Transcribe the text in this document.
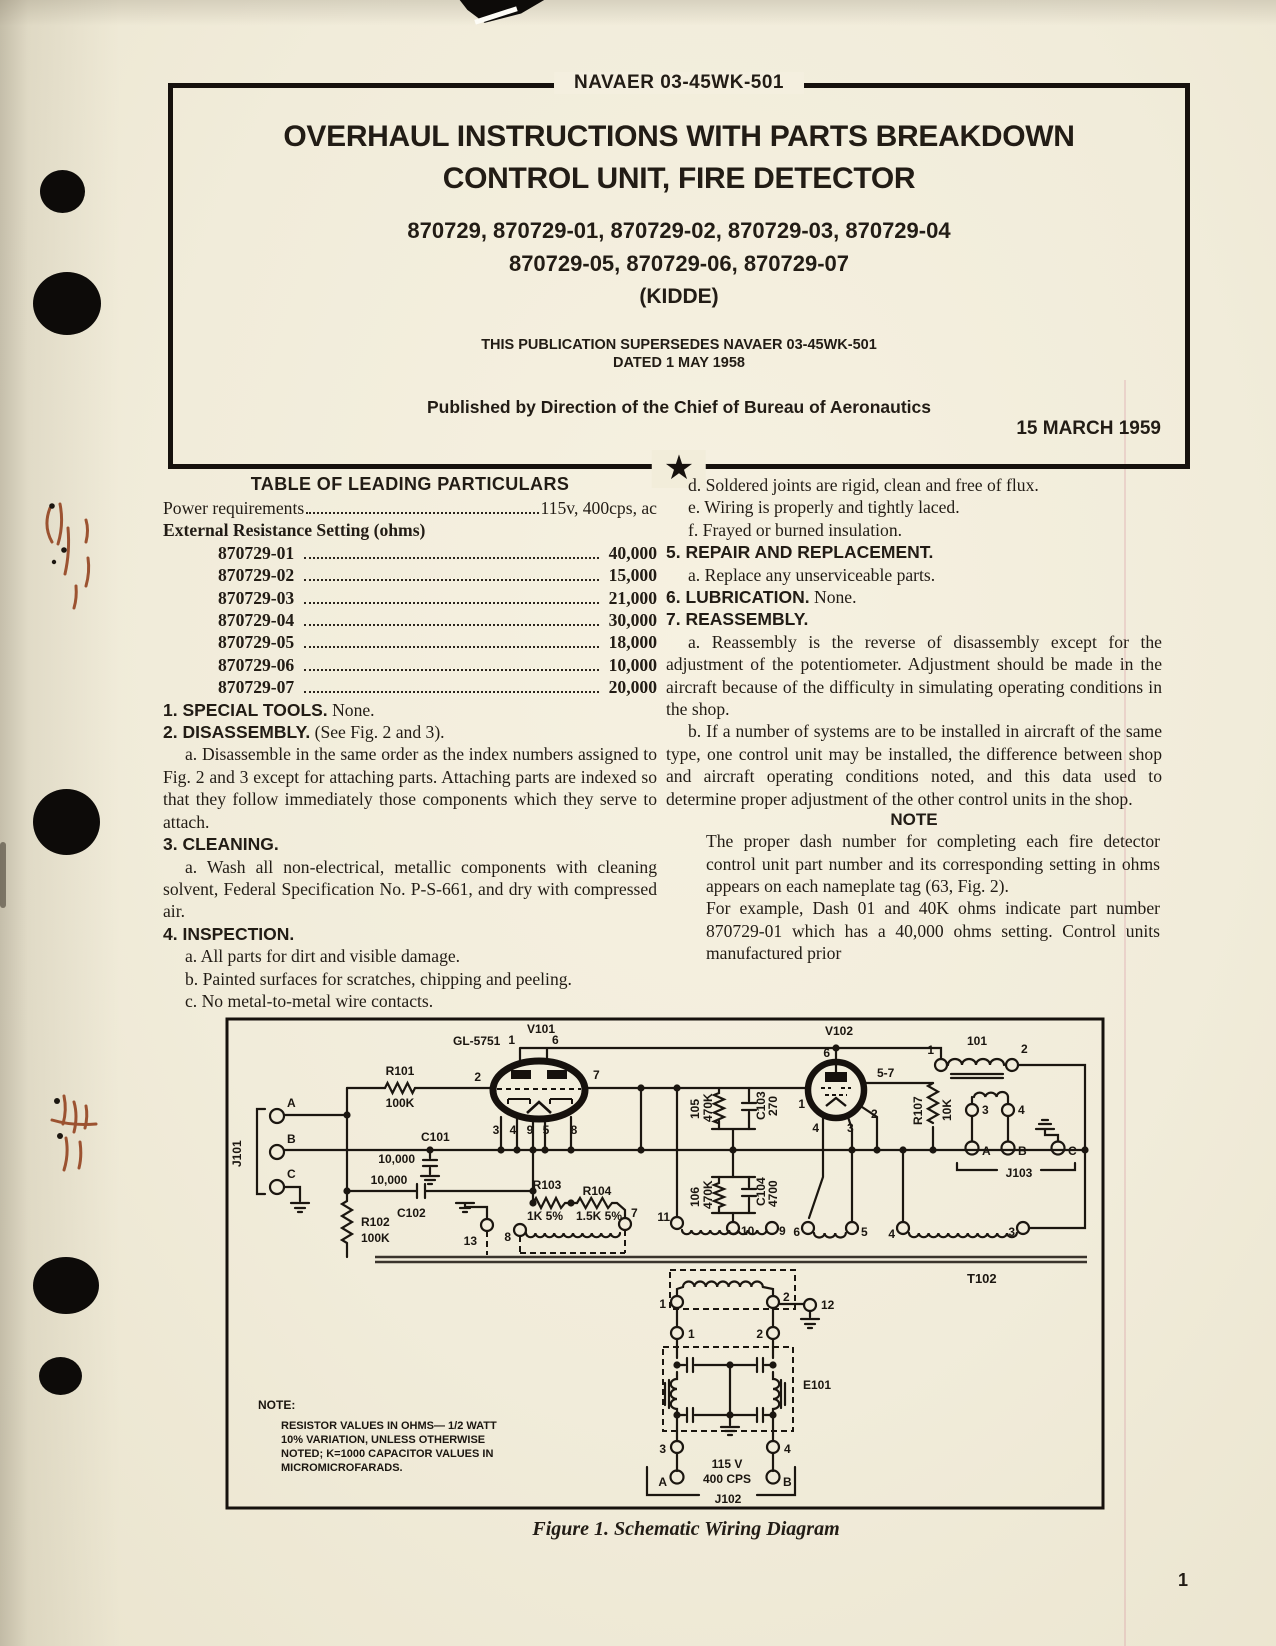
NAVAER 03-45WK-501
OVERHAUL INSTRUCTIONS WITH PARTS BREAKDOWN
CONTROL UNIT, FIRE DETECTOR
870729, 870729-01, 870729-02, 870729-03, 870729-04
870729-05, 870729-06, 870729-07
(KIDDE)
THIS PUBLICATION SUPERSEDES NAVAER 03-45WK-501
DATED 1 MAY 1958
Published by Direction of the Chief of Bureau of Aeronautics
15 MARCH 1959
★
TABLE OF LEADING PARTICULARS
Power requirements	115v, 400cps, ac
External Resistance Setting (ohms)
870729-01	40,000
870729-02	15,000
870729-03	21,000
870729-04	30,000
870729-05	18,000
870729-06	10,000
870729-07	20,000

1. SPECIAL TOOLS. None.

2. DISASSEMBLY. (See Fig. 2 and 3).

a. Disassemble in the same order as the index numbers assigned to Fig. 2 and 3 except for attaching parts. Attaching parts are indexed so that they follow immediately those components which they serve to attach.

3. CLEANING.

a. Wash all non-electrical, metallic components with cleaning solvent, Federal Specification No. P-S-661, and dry with compressed air.

4. INSPECTION.

a. All parts for dirt and visible damage.

b. Painted surfaces for scratches, chipping and peeling.

c. No metal-to-metal wire contacts.

d. Soldered joints are rigid, clean and free of flux.

e. Wiring is properly and tightly laced.

f. Frayed or burned insulation.

5. REPAIR AND REPLACEMENT.

a. Replace any unserviceable parts.

6. LUBRICATION. None.

7. REASSEMBLY.

a. Reassembly is the reverse of disassembly except for the adjustment of the potentiometer. Adjustment should be made in the aircraft because of the difficulty in simulating operating conditions in the shop.

b. If a number of systems are to be installed in aircraft of the same type, one control unit may be installed, the difference between shop and aircraft operating conditions noted, and this data used to determine proper adjustment of the other control units in the shop.

NOTE

The proper dash number for completing each fire detector control unit part number and its corresponding setting in ohms appears on each nameplate tag (63, Fig. 2).

For example, Dash 01 and 40K ohms indicate part number 870729-01 which has a 40,000 ohms setting. Control units manufactured prior

V101
GL-5751 1	6
2	7
3 4 9 5 8
R101
100K
C101
10,000
10,000
C102
R102
100K	13 8
7
R103
1K 5%
R104
1.5K 5%	11
10 9 6	5 4	3
V102
6	1
101
2
5-7
1
4 3
2	R107 10K
105 470K	C103
270
106 470K	C104
4700
3 4
A B	C
J103
J101
A
B
C
T102
1	2
12
1	2
E101
3	4
115 V
400 CPS
A	B
J102
NOTE:
RESISTOR VALUES IN OHMS— 1/2 WATT
10% VARIATION, UNLESS OTHERWISE
NOTED; K=1000 CAPACITOR VALUES IN
MICROMICROFARADS.
Figure 1. Schematic Wiring Diagram
1
